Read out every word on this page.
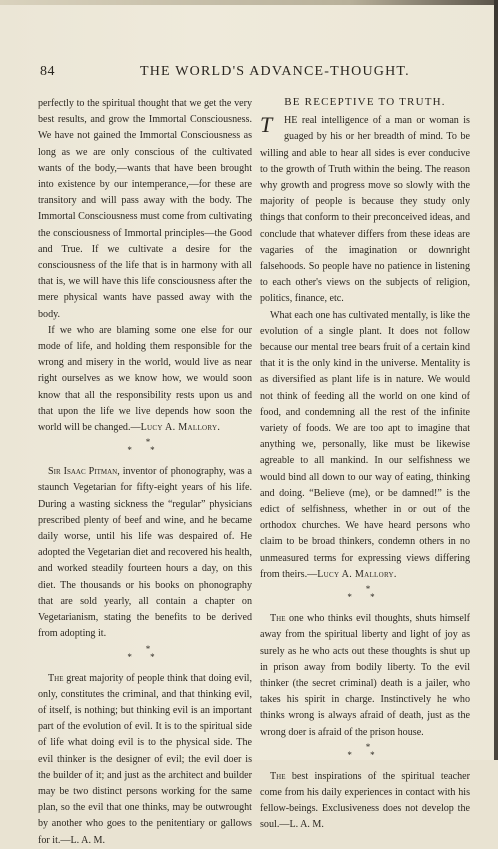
84	THE WORLD'S ADVANCE-THOUGHT.

perfectly to the spiritual thought that we get the very best results, and grow the Immortal Consciousness. We have not gained the Immortal Consciousness as long as we are only conscious of the cultivated wants of the body,—wants that have been brought into existence by our intemperance,—for these are transitory and will pass away with the body. The Immortal Consciousness must come from cultivating the consciousness of Immortal principles—the Good and True. If we cultivate a desire for the consciousness of the life that is in harmony with all that is, we will have this life consciousness after the mere physical wants have passed away with the body.

If we who are blaming some one else for our mode of life, and holding them responsible for the wrong and misery in the world, would live as near right ourselves as we know how, we would soon know that all the responsibility rests upon us and that upon the life we live depends how soon the world will be changed.—Lucy A. Mallory.

*
* *

Sir Isaac Pitman, inventor of phonography, was a staunch Vegetarian for fifty-eight years of his life. During a wasting sickness the “regular” physicians prescribed plenty of beef and wine, and he became daily worse, until his life was despaired of. He adopted the Vegetarian diet and recovered his health, and worked steadily fourteen hours a day, on this diet. The thousands or his books on phonography that are sold yearly, all contain a chapter on Vegetarianism, stating the benefits to be derived from adopting it.

*
* *

The great majority of people think that doing evil, only, constitutes the criminal, and that thinking evil, of itself, is nothing; but thinking evil is an important part of the evolution of evil. It is to the spiritual side of life what doing evil is to the physical side. The evil thinker is the designer of evil; the evil doer is the builder of it; and just as the architect and builder may be two distinct persons working for the same plan, so the evil that one thinks, may be outwrought by another who goes to the penitentiary or gallows for it.—L. A. M.

BE RECEPTIVE TO TRUTH.

T	HE real intelligence of a man or woman is guaged by his or her breadth of mind. To be willing and able to hear all sides is ever conducive to the growth of Truth within the being. The reason why growth and progress move so slowly with the majority of people is because they study only things that conform to their preconceived ideas, and conclude that whatever differs from these ideas are vagaries of the imagination or downright falsehoods. So people have no patience in listening to each other's views on the subjects of religion, politics, finance, etc.

What each one has cultivated mentally, is like the evolution of a single plant. It does not follow because our mental tree bears fruit of a certain kind that it is the only kind in the universe. Mentality is as diversified as plant life is in nature. We would not think of feeding all the world on one kind of food, and condemning all the rest of the infinite variety of foods. We are too apt to imagine that anything we, personally, like must be likewise agreable to all mankind. In our selfishness we would bind all down to our way of eating, thinking and doing. “Believe (me), or be damned!” is the edict of selfishness, whether in or out of the orthodox churches. We have heard persons who claim to be broad thinkers, condemn others in no unmeasured terms for expressing views differing from theirs.—Lucy A. Mallory.

*
* *

The one who thinks evil thoughts, shuts himself away from the spiritual liberty and light of joy as surely as he who acts out these thoughts is shut up in prison away from bodily liberty. To the evil thinker (the secret criminal) death is a jailer, who takes his spirit in charge. Instinctively he who thinks wrong is always afraid of death, just as the wrong doer is afraid of the prison house.

*
* *

The best inspirations of the spiritual teacher come from his daily experiences in contact with his fellow-beings. Exclusiveness does not develop the soul.—L. A. M.
